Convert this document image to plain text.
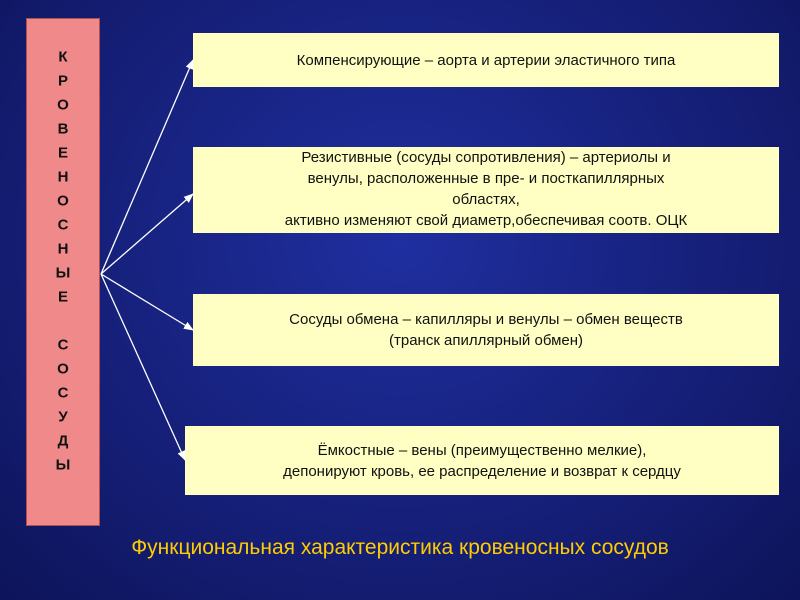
К
Р
О
В
Е
Н
О
С
Н
Ы
Е
С
О
С
У
Д
Ы
Компенсирующие – аорта и артерии эластичного типа
Резистивные (сосуды сопротивления) – артериолы и
венулы, расположенные в пре- и посткапиллярных
областях,
активно изменяют свой диаметр,обеспечивая соотв. ОЦК
Сосуды обмена – капилляры и венулы – обмен веществ
(транск апиллярный обмен)
Ёмкостные – вены (преимущественно мелкие),
депонируют кровь, ее распределение и возврат к сердцу
Функциональная характеристика кровеносных сосудов
